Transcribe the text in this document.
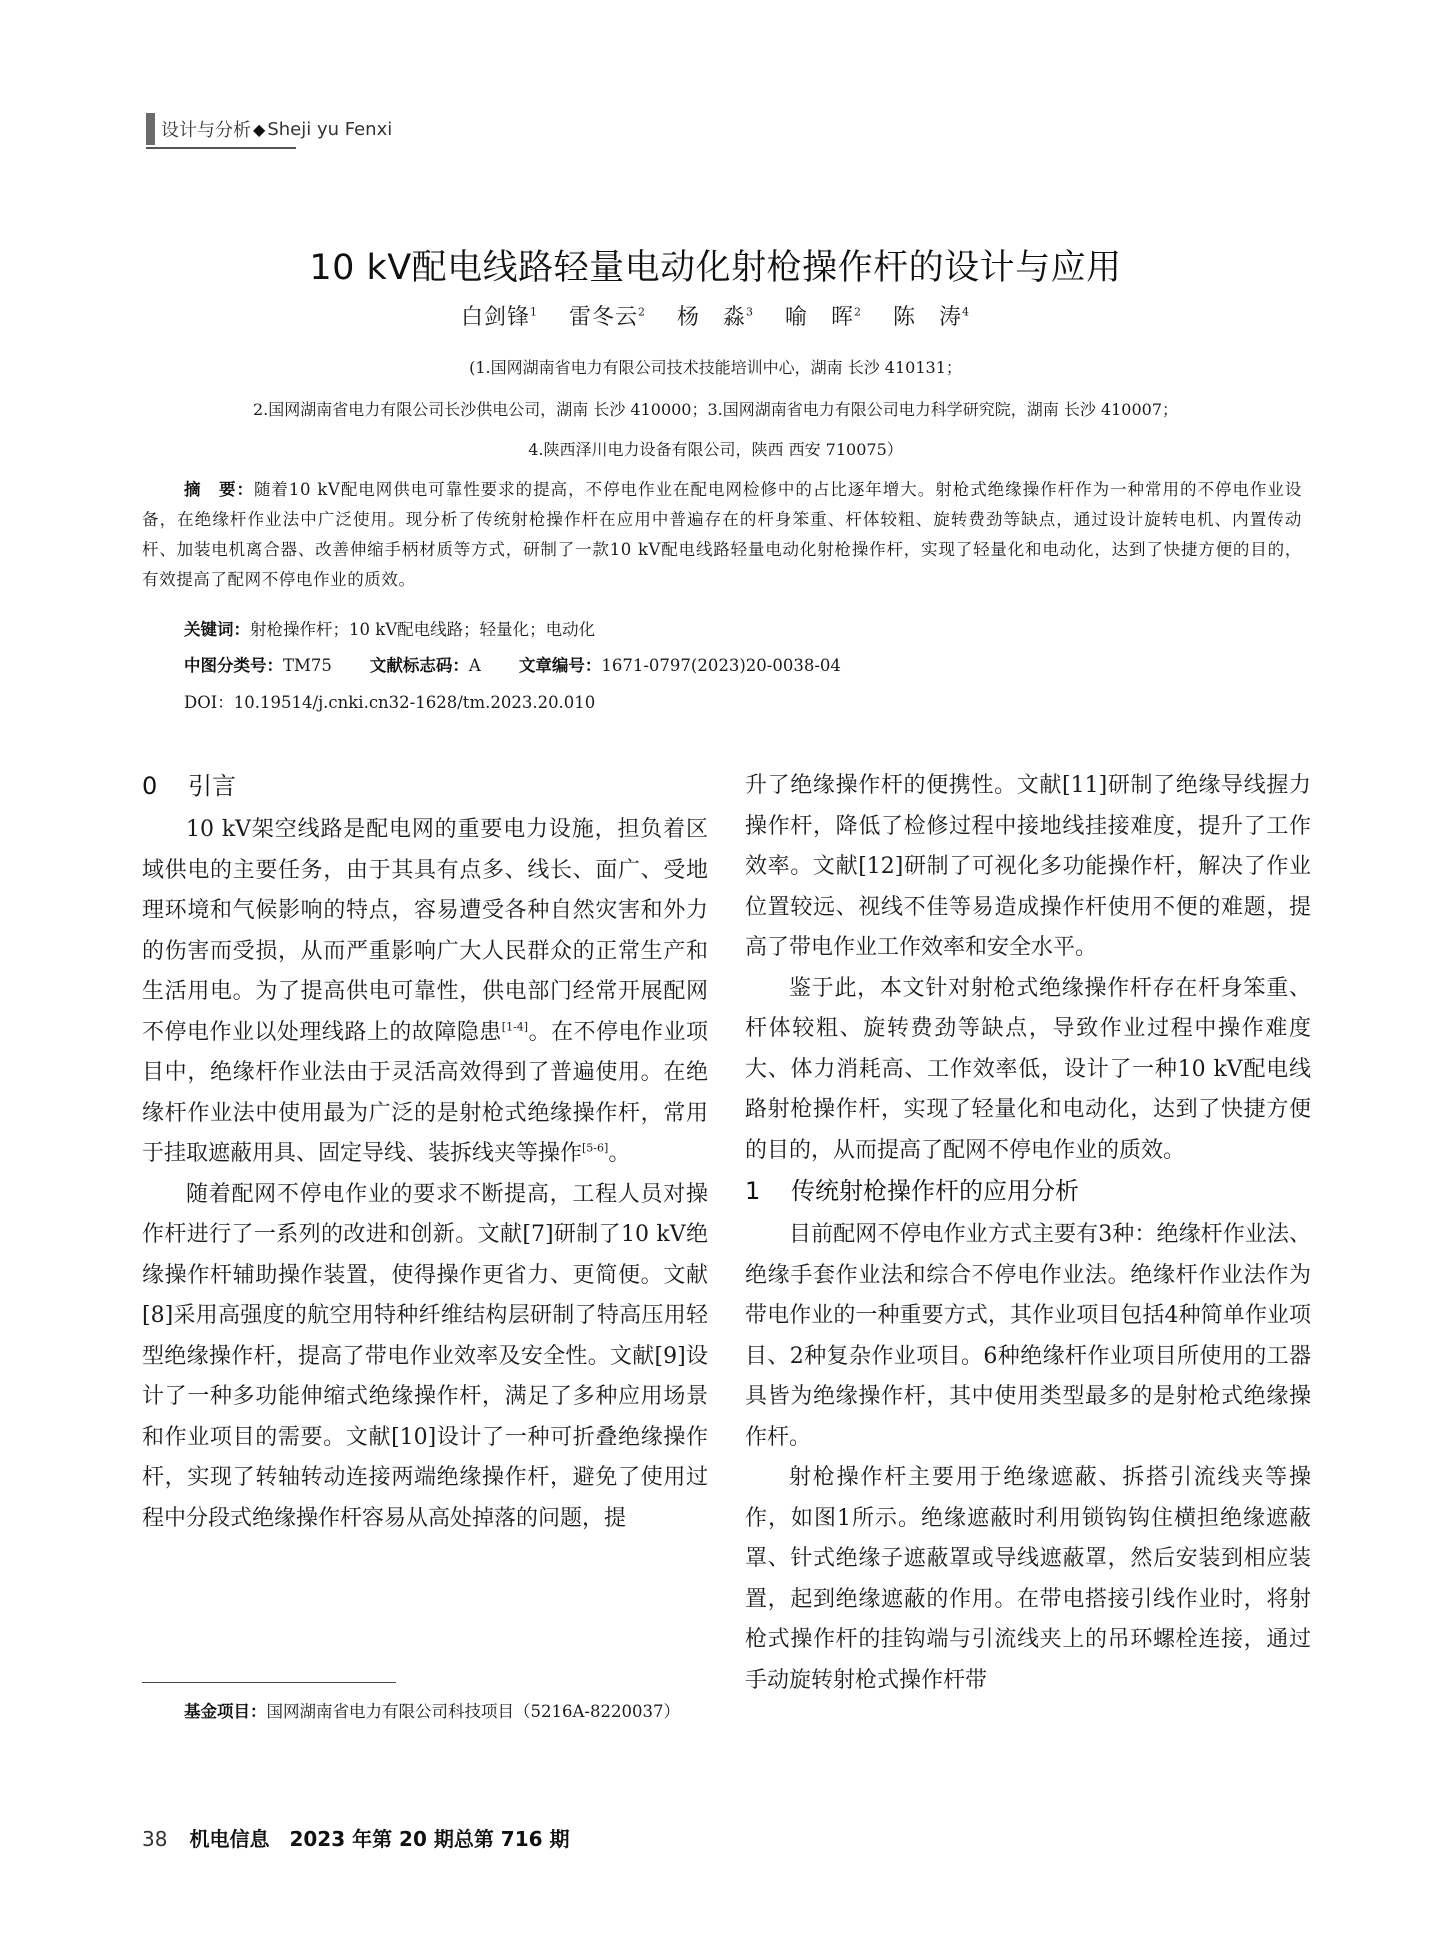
设计与分析 ◆ Sheji yu Fenxi
10 kV配电线路轻量电动化射枪操作杆的设计与应用
白剑锋$^1$  雷冬云$^2$  杨　淼$^3$  喻　晖$^2$  陈　涛$^4$
(1.国网湖南省电力有限公司技术技能培训中心，湖南 长沙 410131；
2.国网湖南省电力有限公司长沙供电公司，湖南 长沙 410000；3.国网湖南省电力有限公司电力科学研究院，湖南 长沙 410007；
4.陕西泽川电力设备有限公司，陕西 西安 710075）
摘　要：随着10 kV配电网供电可靠性要求的提高，不停电作业在配电网检修中的占比逐年增大。射枪式绝缘操作杆作为一种常用的不停电作业设备，在绝缘杆作业法中广泛使用。现分析了传统射枪操作杆在应用中普遍存在的杆身笨重、杆体较粗、旋转费劲等缺点，通过设计旋转电机、内置传动杆、加装电机离合器、改善伸缩手柄材质等方式，研制了一款10 kV配电线路轻量电动化射枪操作杆，实现了轻量化和电动化，达到了快捷方便的目的，有效提高了配网不停电作业的质效。
关键词：射枪操作杆；10 kV配电线路；轻量化；电动化
中图分类号：TM75 文献标志码：A 文章编号：1671-0797(2023)20-0038-04
DOI：10.19514/j.cnki.cn32-1628/tm.2023.20.010
0 引言

10 kV架空线路是配电网的重要电力设施，担负着区域供电的主要任务，由于其具有点多、线长、面广、受地理环境和气候影响的特点，容易遭受各种自然灾害和外力的伤害而受损，从而严重影响广大人民群众的正常生产和生活用电。为了提高供电可靠性，供电部门经常开展配网不停电作业以处理线路上的故障隐患[1-4]。在不停电作业项目中，绝缘杆作业法由于灵活高效得到了普遍使用。在绝缘杆作业法中使用最为广泛的是射枪式绝缘操作杆，常用于挂取遮蔽用具、固定导线、装拆线夹等操作[5-6]。

随着配网不停电作业的要求不断提高，工程人员对操作杆进行了一系列的改进和创新。文献[7]研制了10 kV绝缘操作杆辅助操作装置，使得操作更省力、更简便。文献[8]采用高强度的航空用特种纤维结构层研制了特高压用轻型绝缘操作杆，提高了带电作业效率及安全性。文献[9]设计了一种多功能伸缩式绝缘操作杆，满足了多种应用场景和作业项目的需要。文献[10]设计了一种可折叠绝缘操作杆，实现了转轴转动连接两端绝缘操作杆，避免了使用过程中分段式绝缘操作杆容易从高处掉落的问题，提

升了绝缘操作杆的便携性。文献[11]研制了绝缘导线握力操作杆，降低了检修过程中接地线挂接难度，提升了工作效率。文献[12]研制了可视化多功能操作杆，解决了作业位置较远、视线不佳等易造成操作杆使用不便的难题，提高了带电作业工作效率和安全水平。

鉴于此，本文针对射枪式绝缘操作杆存在杆身笨重、杆体较粗、旋转费劲等缺点，导致作业过程中操作难度大、体力消耗高、工作效率低，设计了一种10 kV配电线路射枪操作杆，实现了轻量化和电动化，达到了快捷方便的目的，从而提高了配网不停电作业的质效。

1 传统射枪操作杆的应用分析

目前配网不停电作业方式主要有3种：绝缘杆作业法、绝缘手套作业法和综合不停电作业法。绝缘杆作业法作为带电作业的一种重要方式，其作业项目包括4种简单作业项目、2种复杂作业项目。6种绝缘杆作业项目所使用的工器具皆为绝缘操作杆，其中使用类型最多的是射枪式绝缘操作杆。

射枪操作杆主要用于绝缘遮蔽、拆搭引流线夹等操作，如图1所示。绝缘遮蔽时利用锁钩钩住横担绝缘遮蔽罩、针式绝缘子遮蔽罩或导线遮蔽罩，然后安装到相应装置，起到绝缘遮蔽的作用。在带电搭接引线作业时，将射枪式操作杆的挂钩端与引流线夹上的吊环螺栓连接，通过手动旋转射枪式操作杆带

基金项目：国网湖南省电力有限公司科技项目（5216A-8220037）
38 机电信息　2023 年第 20 期总第 716 期
